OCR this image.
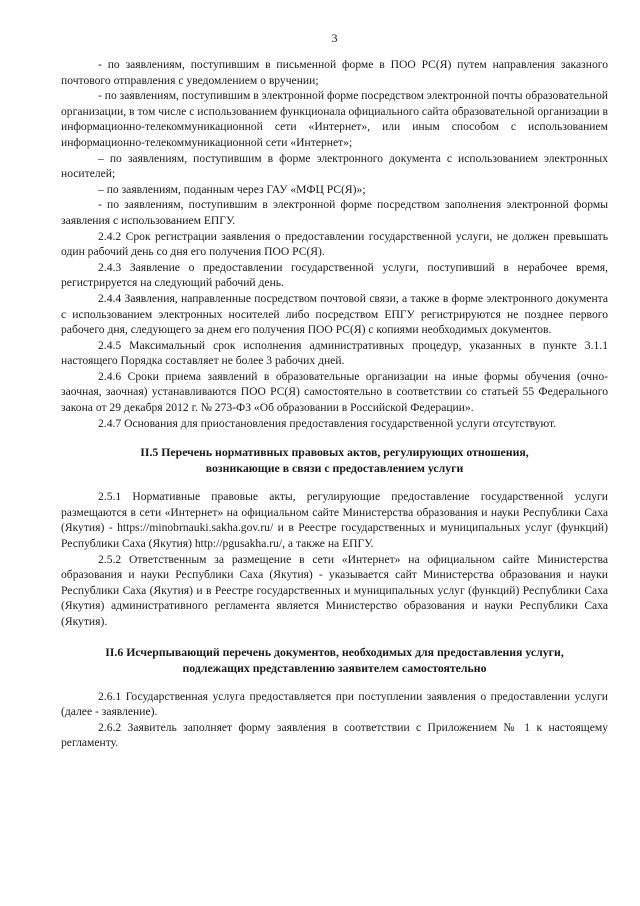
3

- по заявлениям, поступившим в письменной форме в ПОО РС(Я) путем направления заказного почтового отправления с уведомлением о вручении;

- по заявлениям, поступившим в электронной форме посредством электронной почты образовательной организации, в том числе с использованием функционала официального сайта образовательной организации в информационно-телекоммуникационной сети «Интернет», или иным способом с использованием информационно-телекоммуникационной сети «Интернет»;

– по заявлениям, поступившим в форме электронного документа с использованием электронных носителей;

– по заявлениям, поданным через ГАУ «МФЦ РС(Я)»;

- по заявлениям, поступившим в электронной форме посредством заполнения электронной формы заявления с использованием ЕПГУ.

2.4.2 Срок регистрации заявления о предоставлении государственной услуги, не должен превышать один рабочий день со дня его получения ПОО РС(Я).

2.4.3 Заявление о предоставлении государственной услуги, поступивший в нерабочее время, регистрируется на следующий рабочий день.

2.4.4 Заявления, направленные посредством почтовой связи, а также в форме электронного документа с использованием электронных носителей либо посредством ЕПГУ регистрируются не позднее первого рабочего дня, следующего за днем его получения ПОО РС(Я) с копиями необходимых документов.

2.4.5 Максимальный срок исполнения административных процедур, указанных в пункте 3.1.1 настоящего Порядка составляет не более 3 рабочих дней.

2.4.6 Сроки приема заявлений в образовательные организации на иные формы обучения (очно-заочная, заочная) устанавливаются ПОО РС(Я) самостоятельно в соответствии со статьей 55 Федерального закона от 29 декабря 2012 г. № 273-ФЗ «Об образовании в Российской Федерации».

2.4.7 Основания для приостановления предоставления государственной услуги отсутствуют.

II.5 Перечень нормативных правовых актов, регулирующих отношения,
возникающие в связи с предоставлением услуги

2.5.1 Нормативные правовые акты, регулирующие предоставление государственной услуги размещаются в сети «Интернет» на официальном сайте Министерства образования и науки Республики Саха (Якутия) - https://minobrnauki.sakha.gov.ru/ и в Реестре государственных и муниципальных услуг (функций) Республики Саха (Якутия) http://pgusakha.ru/, а также на ЕПГУ.

2.5.2 Ответственным за размещение в сети «Интернет» на официальном сайте Министерства образования и науки Республики Саха (Якутия) - указывается сайт Министерства образования и науки Республики Саха (Якутия) и в Реестре государственных и муниципальных услуг (функций) Республики Саха (Якутия) административного регламента является Министерство образования и науки Республики Саха (Якутия).

II.6 Исчерпывающий перечень документов, необходимых для предоставления услуги,
подлежащих представлению заявителем самостоятельно

2.6.1 Государственная услуга предоставляется при поступлении заявления о предоставлении услуги (далее - заявление).

2.6.2 Заявитель заполняет форму заявления в соответствии с Приложением № 1 к настоящему регламенту.
